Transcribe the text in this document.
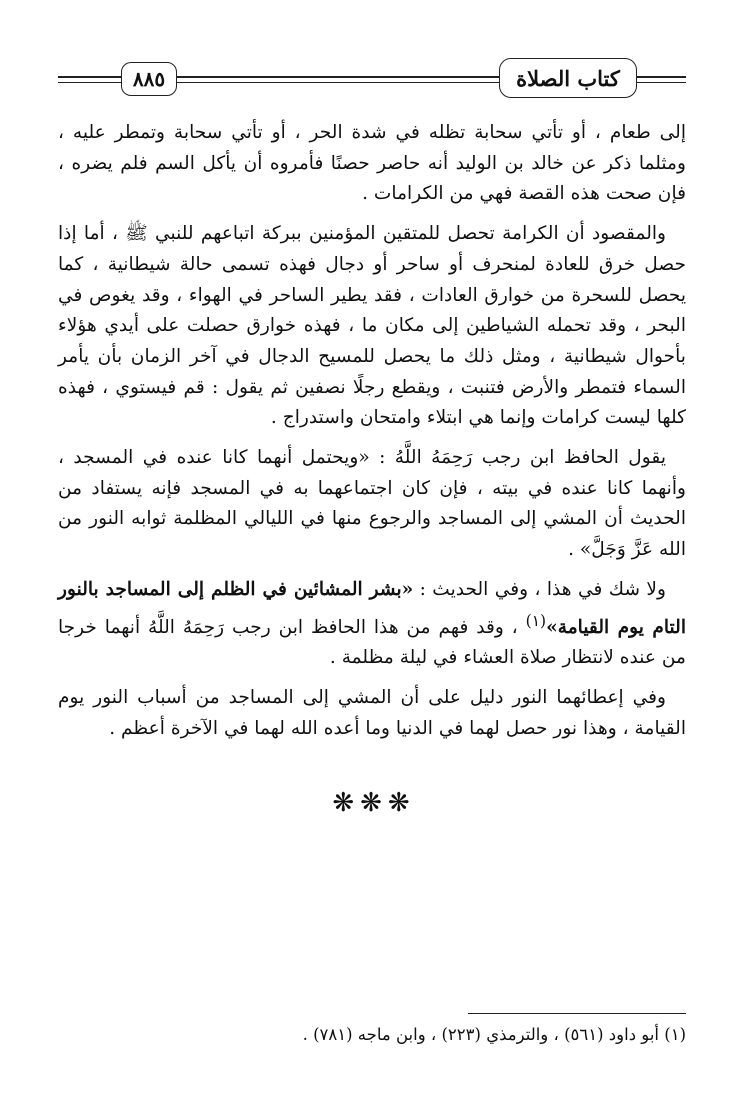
٨٨٥	كتاب الصلاة

إلى طعام ، أو تأتي سحابة تظله في شدة الحر ، أو تأتي سحابة وتمطر عليه ، ومثلما ذكر عن خالد بن الوليد أنه حاصر حصنًا فأمروه أن يأكل السم فلم يضره ، فإن صحت هذه القصة فهي من الكرامات .

والمقصود أن الكرامة تحصل للمتقين المؤمنين ببركة اتباعهم للنبي ﷺ ، أما إذا حصل خرق للعادة لمنحرف أو ساحر أو دجال فهذه تسمى حالة شيطانية ، كما يحصل للسحرة من خوارق العادات ، فقد يطير الساحر في الهواء ، وقد يغوص في البحر ، وقد تحمله الشياطين إلى مكان ما ، فهذه خوارق حصلت على أيدي هؤلاء بأحوال شيطانية ، ومثل ذلك ما يحصل للمسيح الدجال في آخر الزمان بأن يأمر السماء فتمطر والأرض فتنبت ، ويقطع رجلًا نصفين ثم يقول : قم فيستوي ، فهذه كلها ليست كرامات وإنما هي ابتلاء وامتحان واستدراج .

يقول الحافظ ابن رجب رَحِمَهُ اللَّهُ : «ويحتمل أنهما كانا عنده في المسجد ، وأنهما كانا عنده في بيته ، فإن كان اجتماعهما به في المسجد فإنه يستفاد من الحديث أن المشي إلى المساجد والرجوع منها في الليالي المظلمة ثوابه النور من الله عَزَّ وَجَلَّ» .

ولا شك في هذا ، وفي الحديث : «بشر المشائين في الظلم إلى المساجد بالنور التام يوم القيامة»$^{(١)}$ ، وقد فهم من هذا الحافظ ابن رجب رَحِمَهُ اللَّهُ أنهما خرجا من عنده لانتظار صلاة العشاء في ليلة مظلمة .

وفي إعطائهما النور دليل على أن المشي إلى المساجد من أسباب النور يوم القيامة ، وهذا نور حصل لهما في الدنيا وما أعده الله لهما في الآخرة أعظم .

❋❋❋
(١) أبو داود (٥٦١) ، والترمذي (٢٢٣) ، وابن ماجه (٧٨١) .
